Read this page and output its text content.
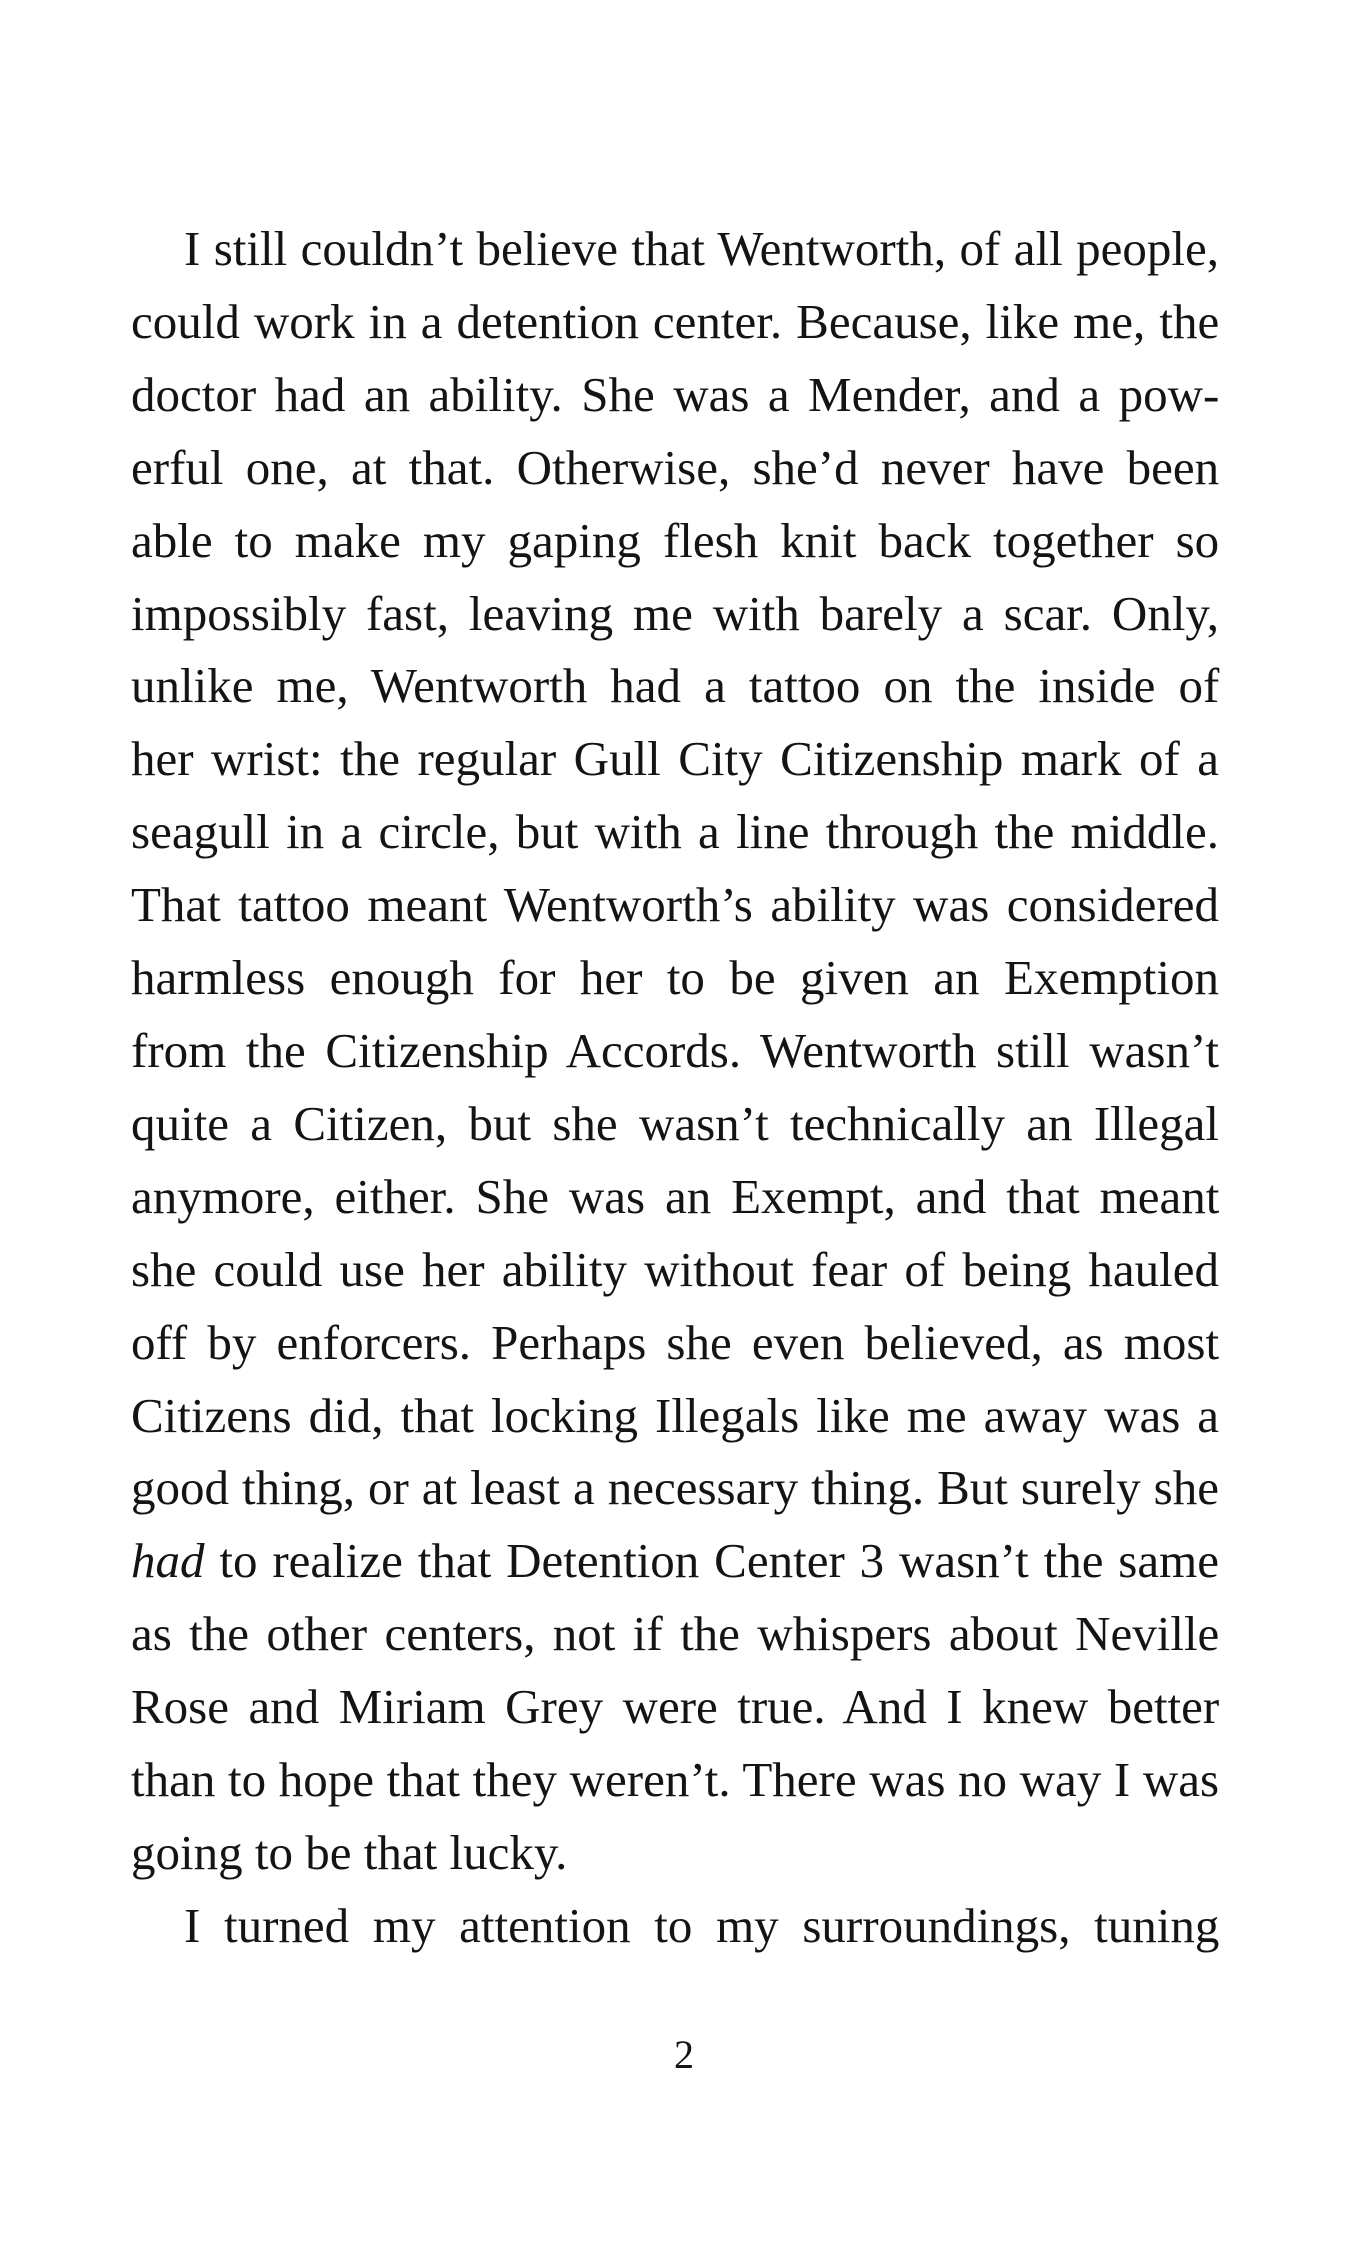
I still couldn’t believe that Wentworth, of all people,
could work in a detention center. Because, like me, the
doctor had an ability. She was a Mender, and a pow-
erful one, at that. Otherwise, she’d never have been
able to make my gaping flesh knit back together so
impossibly fast, leaving me with barely a scar. Only,
unlike me, Wentworth had a tattoo on the inside of
her wrist: the regular Gull City Citizenship mark of a
seagull in a circle, but with a line through the middle.
That tattoo meant Wentworth’s ability was considered
harmless enough for her to be given an Exemption
from the Citizenship Accords. Wentworth still wasn’t
quite a Citizen, but she wasn’t technically an Illegal
anymore, either. She was an Exempt, and that meant
she could use her ability without fear of being hauled
off by enforcers. Perhaps she even believed, as most
Citizens did, that locking Illegals like me away was a
good thing, or at least a necessary thing. But surely she
had to realize that Detention Center 3 wasn’t the same
as the other centers, not if the whispers about Neville
Rose and Miriam Grey were true. And I knew better
than to hope that they weren’t. There was no way I was
going to be that lucky.
I turned my attention to my surroundings, tuning
2
